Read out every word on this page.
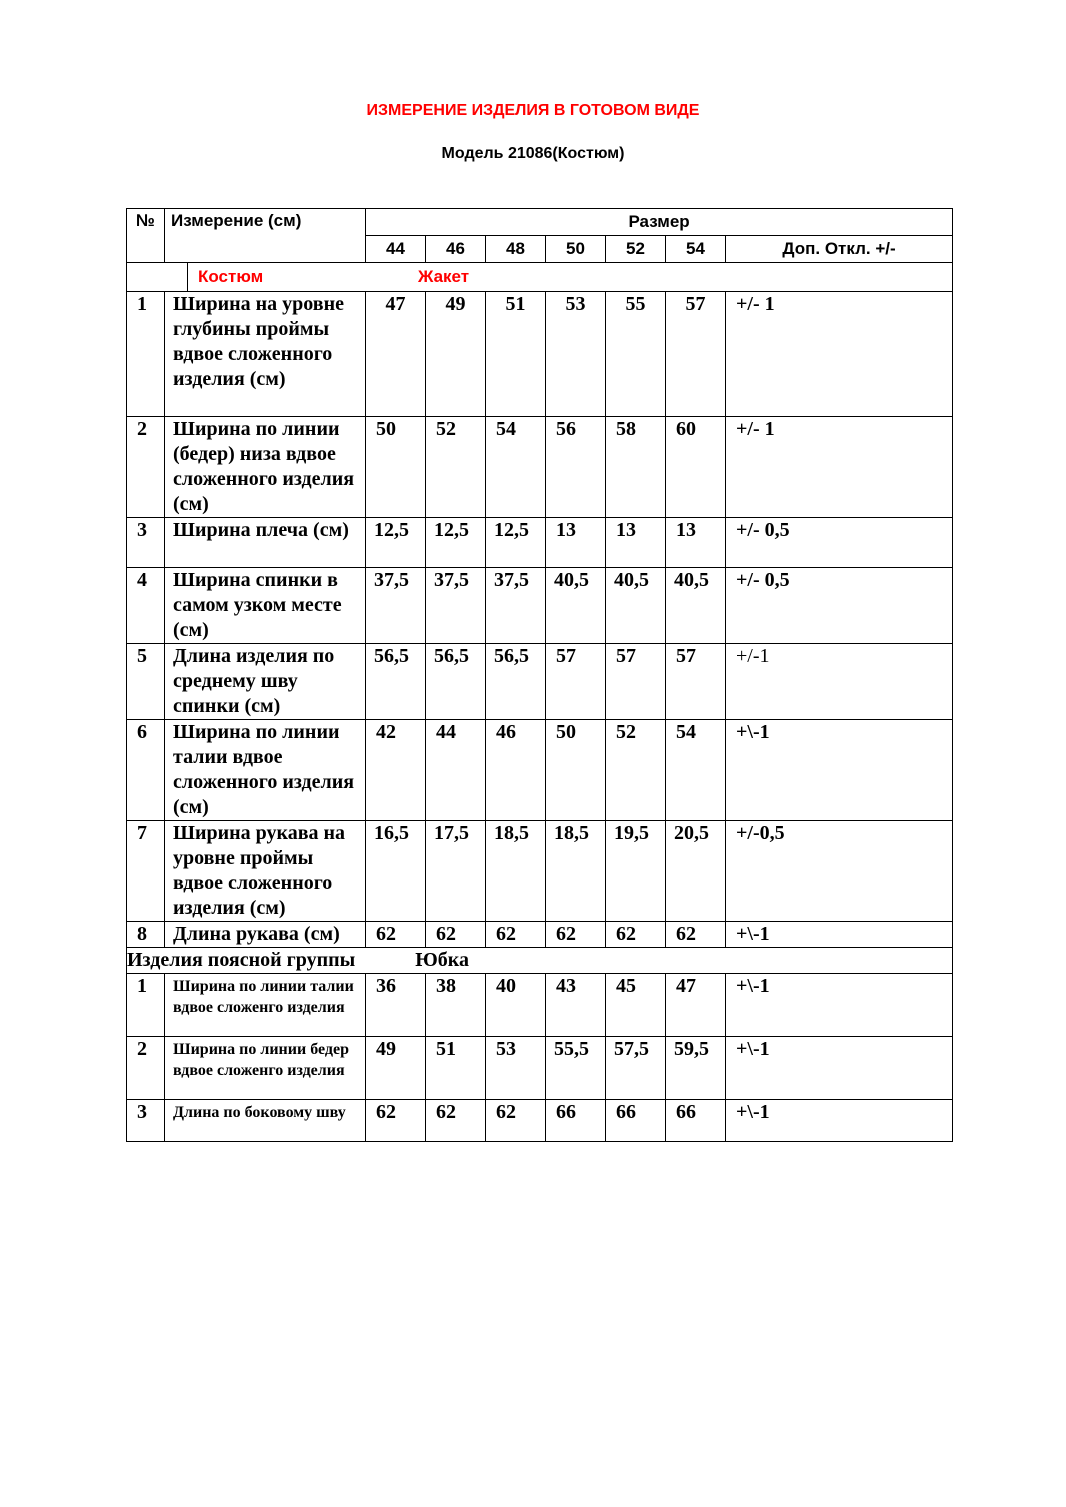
ИЗМЕРЕНИЕ ИЗДЕЛИЯ В ГОТОВОМ ВИДЕ
Модель 21086(Костюм)
№	Измерение (см)	Размер						
		44	46	48	50	52	54	Доп. Откл. +/-

Костюм Жакет								

1	Ширина на уровне глубины проймы вдвое сложенного изделия (см)	47	49	51	53	55	57	+/- 1
2	Ширина по линии (бедер) низа вдвое сложенного изделия (см)	50	52	54	56	58	60	+/- 1
3	Ширина плеча (см)	12,5	12,5	12,5	13	13	13	+/- 0,5
4	Ширина спинки в самом узком месте (см)	37,5	37,5	37,5	40,5	40,5	40,5	+/- 0,5
5	Длина изделия по среднему шву спинки (см)	56,5	56,5	56,5	57	57	57	+/-1
6	Ширина по линии талии вдвое сложенного изделия (см)	42	44	46	50	52	54	+\-1
7	Ширина рукава на уровне проймы вдвое сложенного изделия (см)	16,5	17,5	18,5	18,5	19,5	20,5	+/-0,5
8	Длина рукава (см)	62	62	62	62	62	62	+\-1
Изделия поясной группы Юбка								
1	Ширина по линии талии вдвое сложенго изделия	36	38	40	43	45	47	+\-1
2	Ширина по линии бедер вдвое сложенго изделия	49	51	53	55,5	57,5	59,5	+\-1
3	Длина по боковому шву	62	62	62	66	66	66	+\-1
